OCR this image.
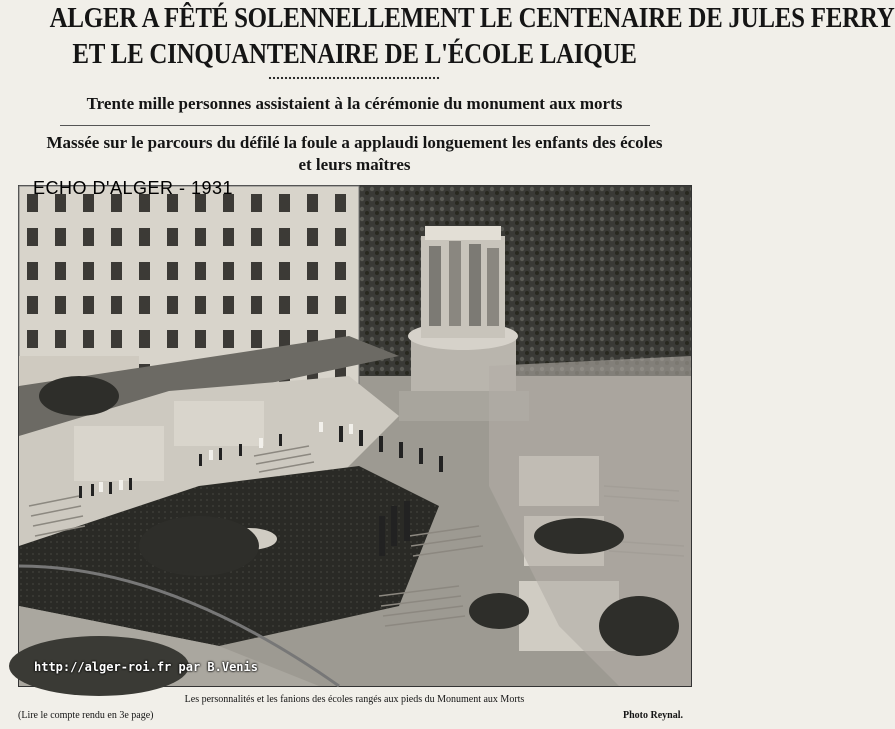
ALGER A FÊTÉ SOLENNELLEMENT LE CENTENAIRE DE JULES FERRY
ET LE CINQUANTENAIRE DE L'ÉCOLE LAIQUE
Trente mille personnes assistaient à la cérémonie du monument aux morts
Massée sur le parcours du défilé la foule a applaudi longuement les enfants des écoles
et leurs maîtres
ECHO D'ALGER - 1931
http://alger-roi.fr par B.Venis
Les personnalités et les fanions des écoles rangés aux pieds du Monument aux Morts
(Lire le compte rendu en 3e page)	Photo Reynal.
